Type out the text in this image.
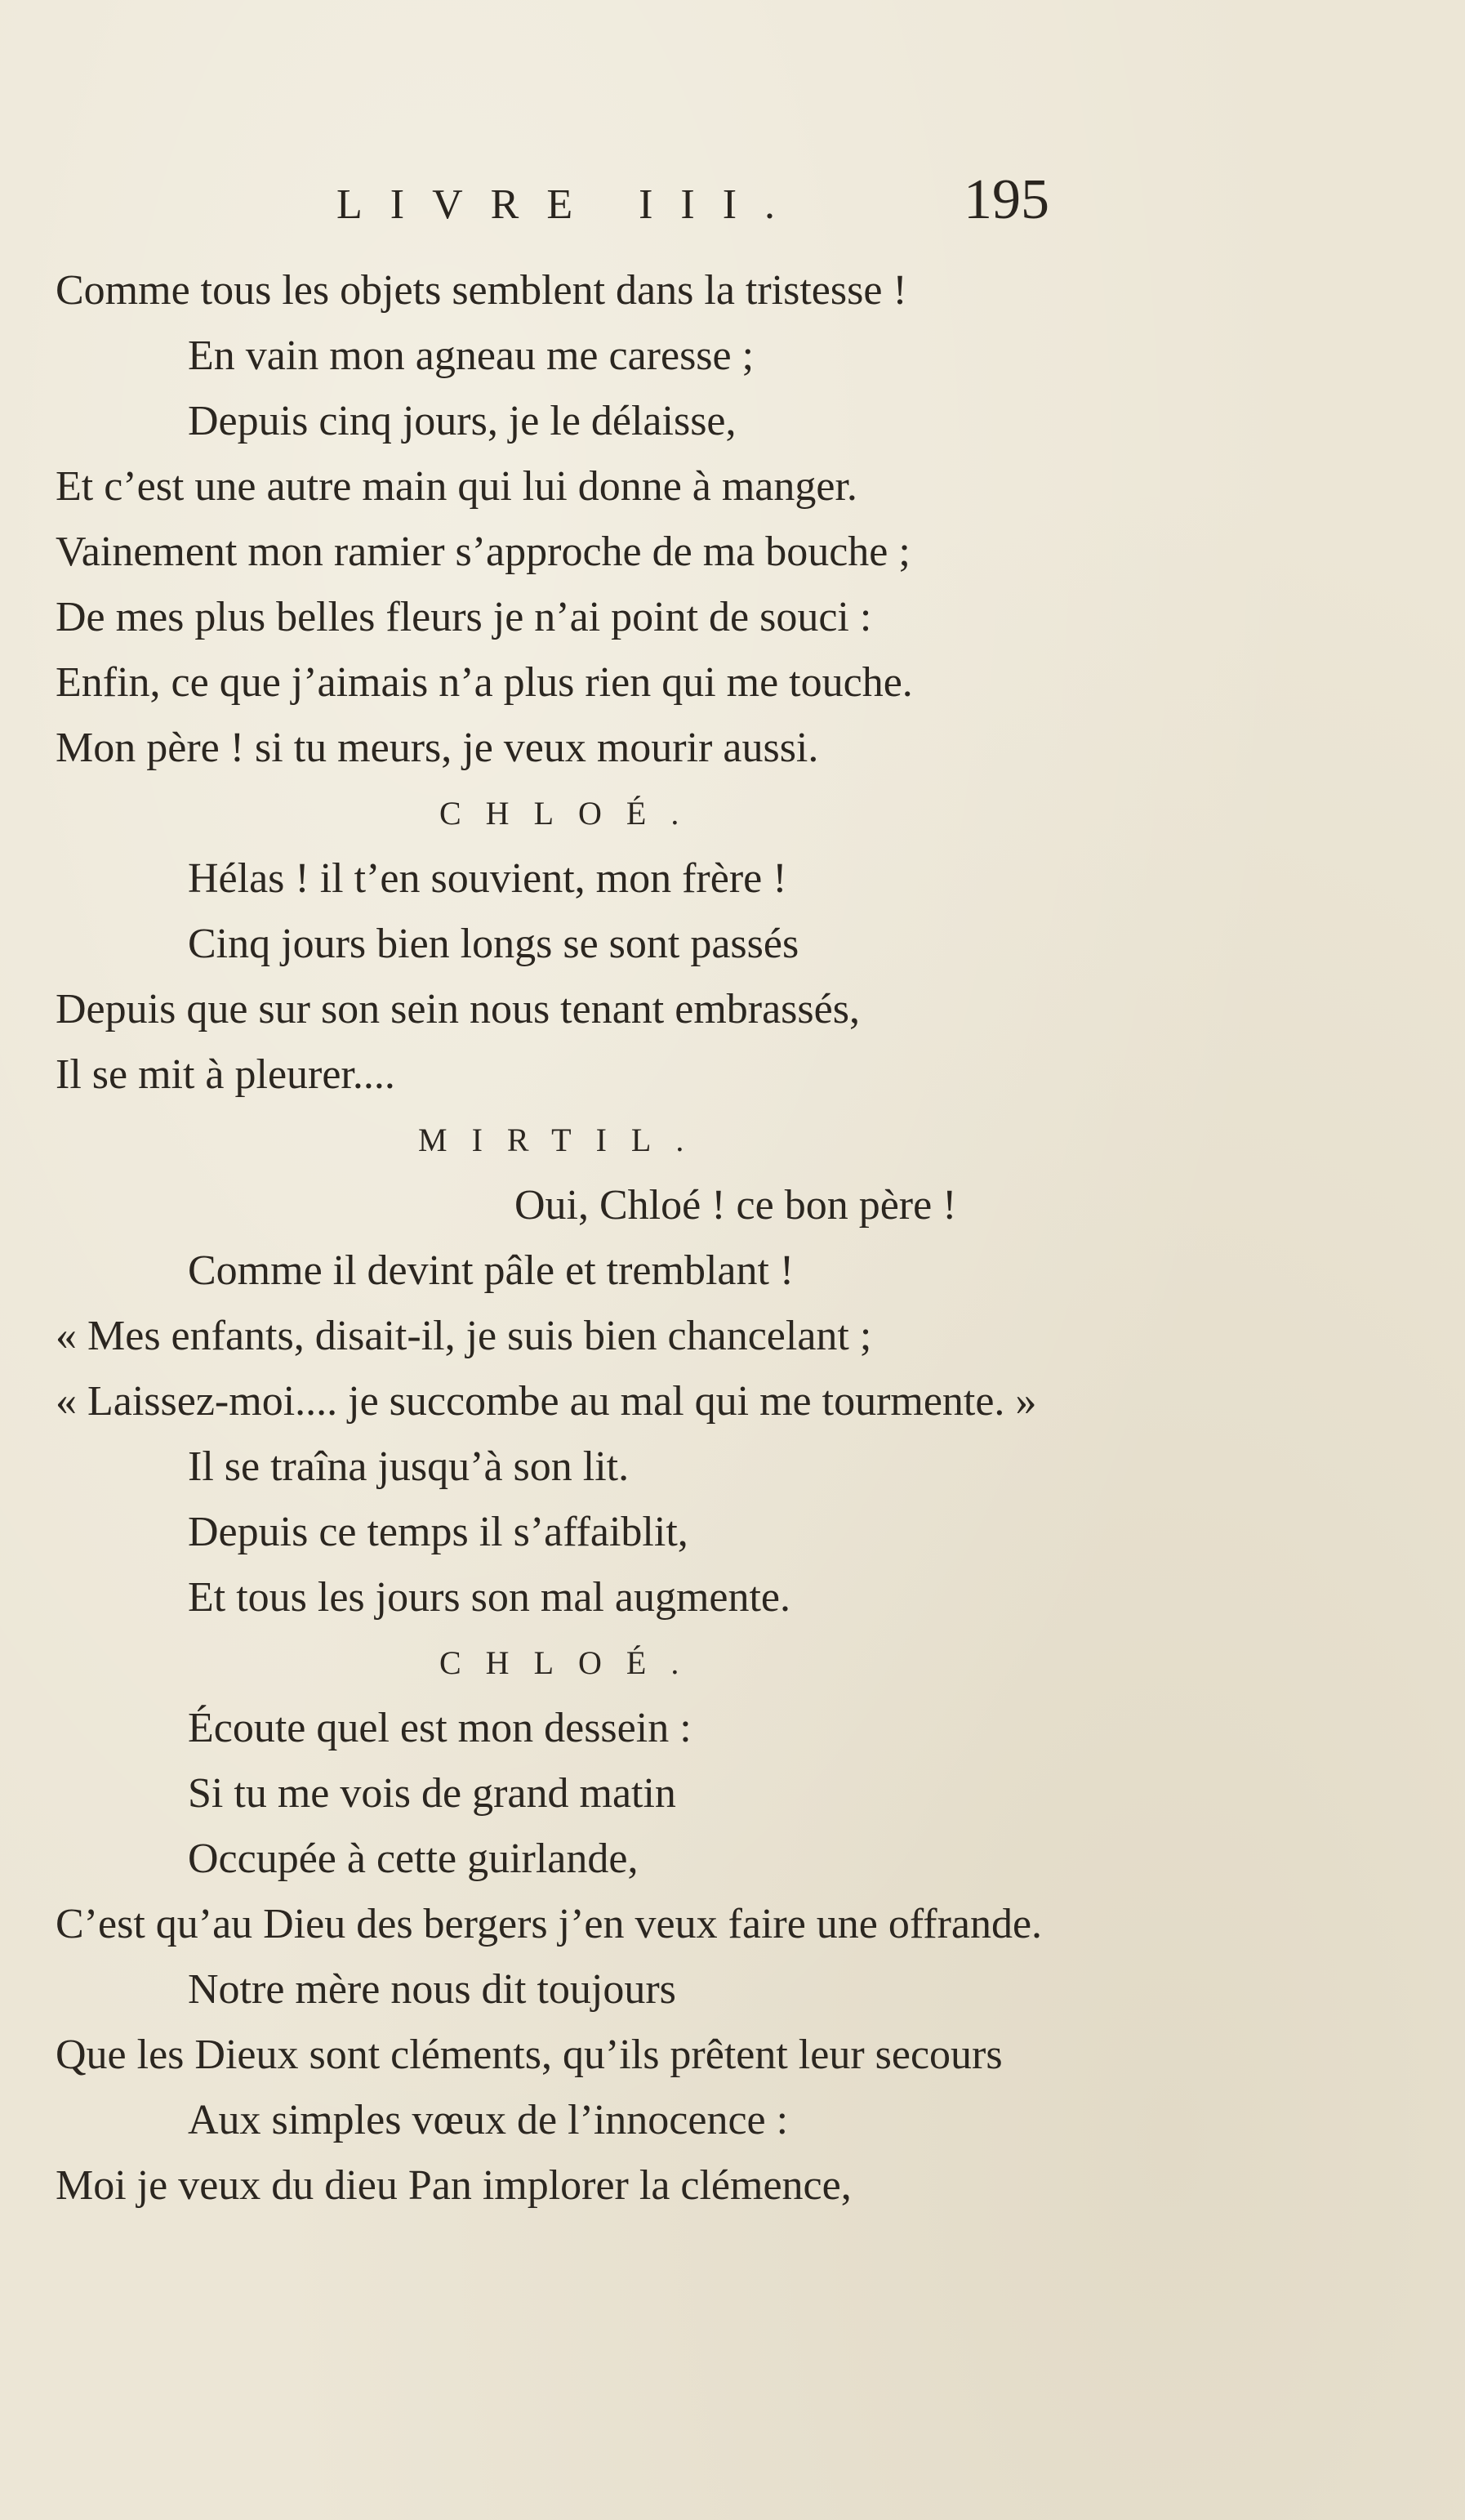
LIVRE III.	195
Comme tous les objets semblent dans la tristesse !
En vain mon agneau me caresse ;
Depuis cinq jours, je le délaisse,
Et c’est une autre main qui lui donne à manger.
Vainement mon ramier s’approche de ma bouche ;
De mes plus belles fleurs je n’ai point de souci :
Enfin, ce que j’aimais n’a plus rien qui me touche.
Mon père ! si tu meurs, je veux mourir aussi.
CHLOÉ.
Hélas ! il t’en souvient, mon frère !
Cinq jours bien longs se sont passés
Depuis que sur son sein nous tenant embrassés,
Il se mit à pleurer....
MIRTIL.
Oui, Chloé ! ce bon père !
Comme il devint pâle et tremblant !
« Mes enfants, disait-il, je suis bien chancelant ;
« Laissez-moi.... je succombe au mal qui me tourmente. »
Il se traîna jusqu’à son lit.
Depuis ce temps il s’affaiblit,
Et tous les jours son mal augmente.
CHLOÉ.
Écoute quel est mon dessein :
Si tu me vois de grand matin
Occupée à cette guirlande,
C’est qu’au Dieu des bergers j’en veux faire une offrande.
Notre mère nous dit toujours
Que les Dieux sont cléments, qu’ils prêtent leur secours
Aux simples vœux de l’innocence :
Moi je veux du dieu Pan implorer la clémence,
